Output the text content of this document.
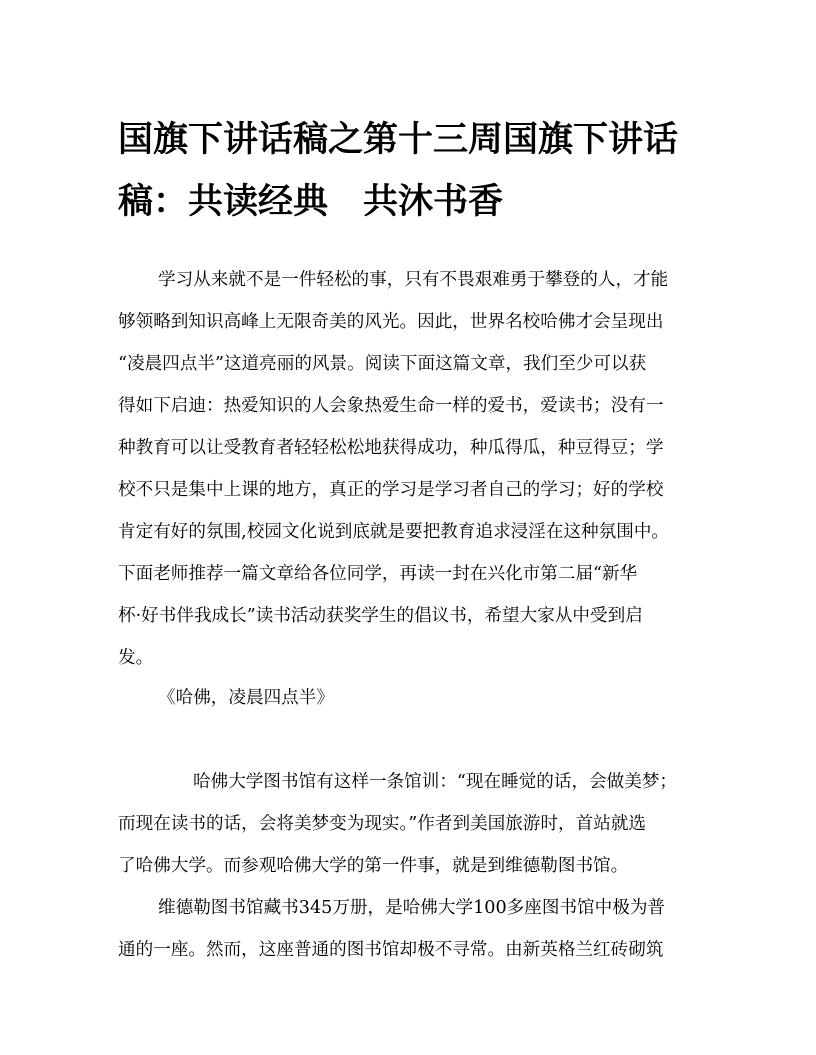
国旗下讲话稿之第十三周国旗下讲话
稿：共读经典　共沐书香
学习从来就不是一件轻松的事，只有不畏艰难勇于攀登的人，才能
够领略到知识高峰上无限奇美的风光。因此，世界名校哈佛才会呈现出
“凌晨四点半”这道亮丽的风景。阅读下面这篇文章，我们至少可以获
得如下启迪：热爱知识的人会象热爱生命一样的爱书，爱读书；没有一
种教育可以让受教育者轻轻松松地获得成功，种瓜得瓜，种豆得豆；学
校不只是集中上课的地方，真正的学习是学习者自己的学习；好的学校
肯定有好的氛围,校园文化说到底就是要把教育追求浸淫在这种氛围中。
下面老师推荐一篇文章给各位同学，再读一封在兴化市第二届“新华
杯·好书伴我成长”读书活动获奖学生的倡议书，希望大家从中受到启
发。
《哈佛，凌晨四点半》
哈佛大学图书馆有这样一条馆训：“现在睡觉的话，会做美梦；
而现在读书的话，会将美梦变为现实。”作者到美国旅游时，首站就选
了哈佛大学。而参观哈佛大学的第一件事，就是到维德勒图书馆。
维德勒图书馆藏书345万册，是哈佛大学100多座图书馆中极为普
通的一座。然而，这座普通的图书馆却极不寻常。由新英格兰红砖砌筑
